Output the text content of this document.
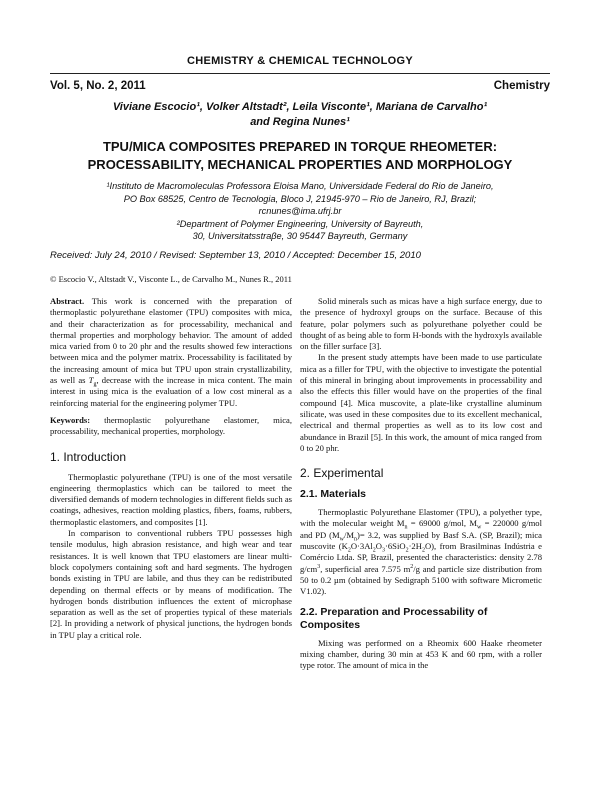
CHEMISTRY & CHEMICAL TECHNOLOGY
Vol. 5, No. 2, 2011	Chemistry
Viviane Escocio¹, Volker Altstadt², Leila Visconte¹, Mariana de Carvalho¹
and Regina Nunes¹
TPU/MICA COMPOSITES PREPARED IN TORQUE RHEOMETER:
PROCESSABILITY, MECHANICAL PROPERTIES AND MORPHOLOGY
¹Instituto de Macromoleculas Professora Eloisa Mano, Universidade Federal do Rio de Janeiro,
PO Box 68525, Centro de Tecnologia, Bloco J, 21945-970 – Rio de Janeiro, RJ, Brazil;
rcnunes@ima.ufrj.br
²Department of Polymer Engineering, University of Bayreuth,
30, Universitatsstraβe, 30 95447 Bayreuth, Germany
Received: July 24, 2010 / Revised: September 13, 2010 / Accepted: December 15, 2010
© Escocio V., Altstadt V., Visconte L., de Carvalho M., Nunes R., 2011

Abstract. This work is concerned with the preparation of thermoplastic polyurethane elastomer (TPU) composites with mica, and their characterization as for processability, mechanical and thermal properties and morphology behavior. The amount of added mica varied from 0 to 20 phr and the results showed few interactions between mica and the polymer matrix. Processability is facilitated by the increasing amount of mica but TPU upon strain crystallizability, as well as $T_g$, decrease with the increase in mica content. The main interest in using mica is the evaluation of a low cost mineral as a reinforcing material for the engineering polymer TPU.

Keywords: thermoplastic polyurethane elastomer, mica, processability, mechanical properties, morphology.

1. Introduction

Thermoplastic polyurethane (TPU) is one of the most versatile engineering thermoplastics which can be tailored to meet the diversified demands of modern technologies in different fields such as coatings, adhesives, reaction molding plastics, fibers, foams, rubbers, thermoplastic elastomers, and composites [1].

In comparison to conventional rubbers TPU possesses high tensile modulus, high abrasion resistance, and high wear and tear resistances. It is well known that TPU elastomers are linear multi-block copolymers containing soft and hard segments. The hydrogen bonds existing in TPU are labile, and thus they can be redistributed depending on thermal effects or by means of modification. The hydrogen bonds distribution influences the extent of microphase separation as well as the set of properties typical of these materials [2]. In providing a network of physical junctions, the hydrogen bonds in TPU play a critical role.

Solid minerals such as micas have a high surface energy, due to the presence of hydroxyl groups on the surface. Because of this feature, polar polymers such as polyurethane polyether could be thought of as being able to form H-bonds with the hydroxyls available on the filler surface [3].

In the present study attempts have been made to use particulate mica as a filler for TPU, with the objective to investigate the potential of this mineral in bringing about improvements in processability and also the effects this filler would have on the properties of the final compound [4]. Mica muscovite, a plate-like crystalline aluminum silicate, was used in these composites due to its excellent mechanical, electrical and thermal properties as well as to its low cost and abundance in Brazil [5]. In this work, the amount of mica ranged from 0 to 20 phr.

2. Experimental
2.1. Materials

Thermoplastic Polyurethane Elastomer (TPU), a polyether type, with the molecular weight $M_n = 69000$ g/mol, $M_w = 220000$ g/mol and PD $(M_w/M_n)= 3.2$, was supplied by Basf S.A. (SP, Brazil); mica muscovite $(K_2O\cdot 3Al_2O_3\cdot 6SiO_2\cdot 2H_2O)$, from Brasilminas Indústria e Comércio Ltda. SP, Brazil, presented the characteristics: density 2.78 $g/cm^3$, superficial area 7.575 $m^2/g$ and particle size distribution from 50 to 0.2 µm (obtained by Sedigraph 5100 with software Micrometic V1.02).

2.2. Preparation and Processability of Composites

Mixing was performed on a Rheomix 600 Haake rheometer mixing chamber, during 30 min at 453 K and 60 rpm, with a roller type rotor. The amount of mica in the
